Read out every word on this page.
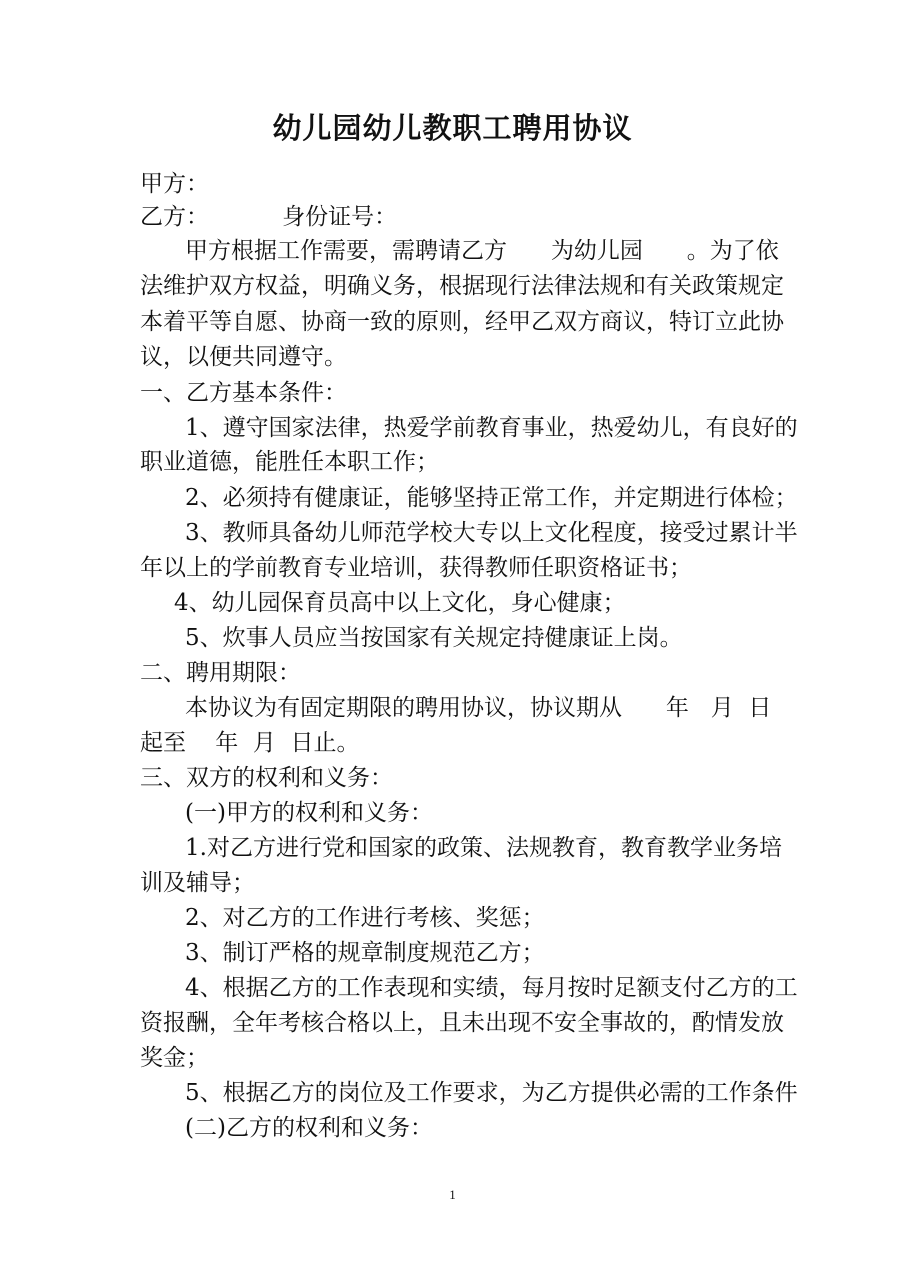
幼儿园幼儿教职工聘用协议
甲方：
乙方：          身份证号：
甲方根据工作需要，需聘请乙方      为幼儿园      。为了依
法维护双方权益，明确义务，根据现行法律法规和有关政策规定
本着平等自愿、协商一致的原则，经甲乙双方商议，特订立此协
议，以便共同遵守。
一、乙方基本条件：
1、遵守国家法律，热爱学前教育事业，热爱幼儿，有良好的
职业道德，能胜任本职工作；
2、必须持有健康证，能够坚持正常工作，并定期进行体检；
3、教师具备幼儿师范学校大专以上文化程度，接受过累计半
年以上的学前教育专业培训，获得教师任职资格证书；
4、幼儿园保育员高中以上文化，身心健康；
5、炊事人员应当按国家有关规定持健康证上岗。
二、聘用期限：
本协议为有固定期限的聘用协议，协议期从      年   月  日
起至    年  月  日止。
三、双方的权利和义务：
(一)甲方的权利和义务：
1.对乙方进行党和国家的政策、法规教育，教育教学业务培
训及辅导；
2、对乙方的工作进行考核、奖惩；
3、制订严格的规章制度规范乙方；
4、根据乙方的工作表现和实绩，每月按时足额支付乙方的工
资报酬，全年考核合格以上，且未出现不安全事故的，酌情发放
奖金；
5、根据乙方的岗位及工作要求，为乙方提供必需的工作条件
(二)乙方的权利和义务：
1
